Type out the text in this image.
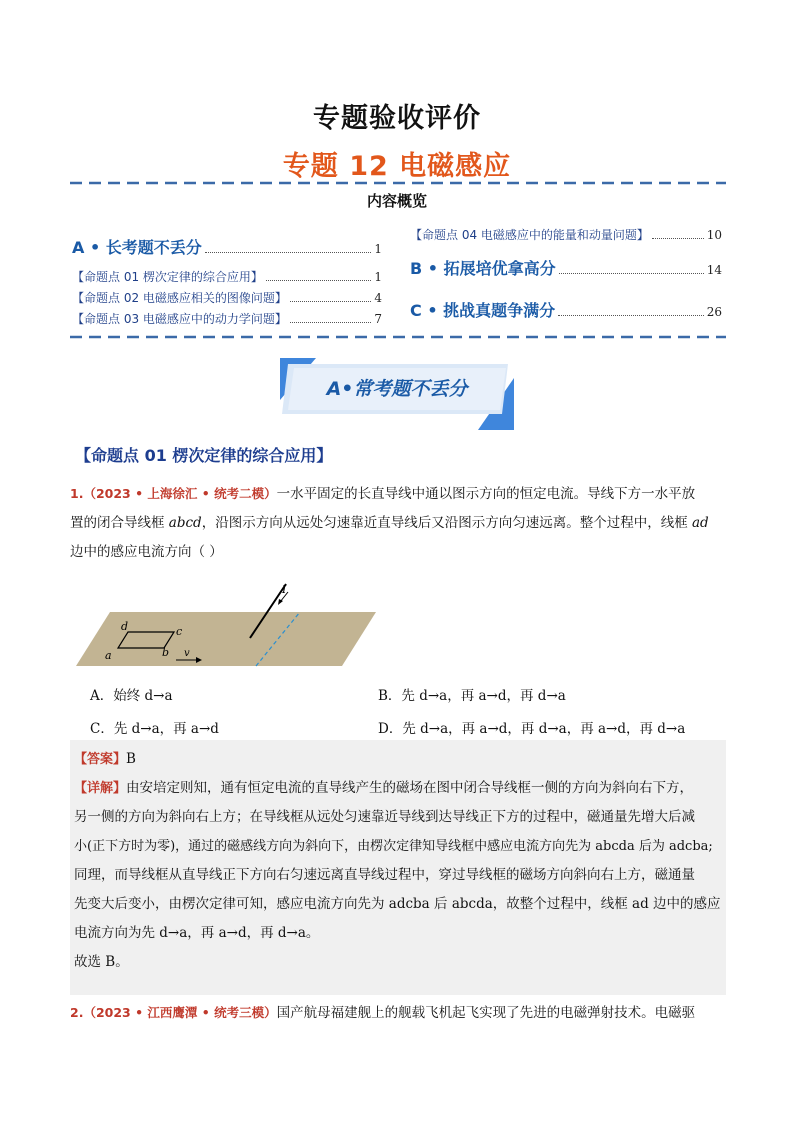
专题验收评价
专题 12 电磁感应
内容概览
A • 长考题不丢分	1
【命题点 01 楞次定律的综合应用】	1
【命题点 02 电磁感应相关的图像问题】	4
【命题点 03 电磁感应中的动力学问题】	7
【命题点 04 电磁感应中的能量和动量问题】	10
B • 拓展培优拿高分	14
C • 挑战真题争满分	26
A•常考题不丢分
【命题点 01 楞次定律的综合应用】
1.（2023 • 上海徐汇 • 统考二模）一水平固定的长直导线中通以图示方向的恒定电流。导线下方一水平放
置的闭合导线框 abcd，沿图示方向从远处匀速靠近直导线后又沿图示方向匀速远离。整个过程中，线框 ad
边中的感应电流方向（ ）
I
d	c
a	b v
A．始终 d→a	B．先 d→a，再 a→d，再 d→a
C．先 d→a，再 a→d	D．先 d→a，再 a→d，再 d→a，再 a→d，再 d→a
【答案】B
【详解】由安培定则知，通有恒定电流的直导线产生的磁场在图中闭合导线框一侧的方向为斜向右下方，
另一侧的方向为斜向右上方；在导线框从远处匀速靠近导线到达导线正下方的过程中，磁通量先增大后减
小(正下方时为零)，通过的磁感线方向为斜向下，由楞次定律知导线框中感应电流方向先为 abcda 后为 adcba;
同理，而导线框从直导线正下方向右匀速远离直导线过程中，穿过导线框的磁场方向斜向右上方，磁通量
先变大后变小，由楞次定律可知，感应电流方向先为 adcba 后 abcda，故整个过程中，线框 ad 边中的感应
电流方向为先 d→a，再 a→d，再 d→a。
故选 B。
2.（2023 • 江西鹰潭 • 统考三模）国产航母福建舰上的舰载飞机起飞实现了先进的电磁弹射技术。电磁驱
